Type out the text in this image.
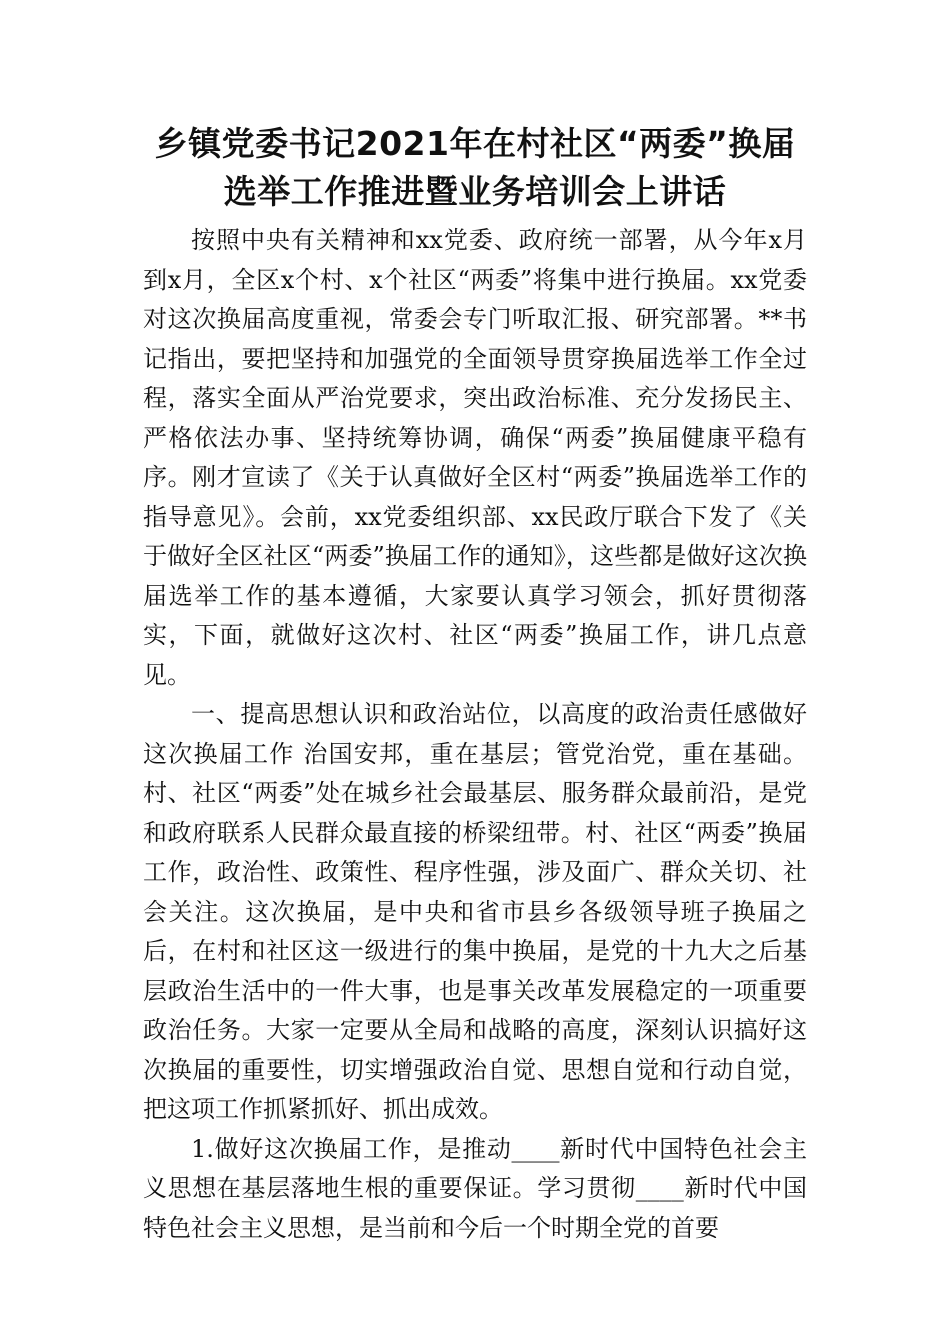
乡镇党委书记2021年在村社区“两委”换届
选举工作推进暨业务培训会上讲话

按照中央有关精神和xx党委、政府统一部署，从今年x月到x月，全区x个村、x个社区“两委”将集中进行换届。xx党委对这次换届高度重视，常委会专门听取汇报、研究部署。**书记指出，要把坚持和加强党的全面领导贯穿换届选举工作全过程，落实全面从严治党要求，突出政治标准、充分发扬民主、严格依法办事、坚持统筹协调，确保“两委”换届健康平稳有序。刚才宣读了《关于认真做好全区村“两委”换届选举工作的指导意见》。会前，xx党委组织部、xx民政厅联合下发了《关于做好全区社区“两委”换届工作的通知》，这些都是做好这次换届选举工作的基本遵循，大家要认真学习领会，抓好贯彻落实，下面，就做好这次村、社区“两委”换届工作，讲几点意见。

一、提高思想认识和政治站位，以高度的政治责任感做好这次换届工作 治国安邦，重在基层；管党治党，重在基础。村、社区“两委”处在城乡社会最基层、服务群众最前沿，是党和政府联系人民群众最直接的桥梁纽带。村、社区“两委”换届工作，政治性、政策性、程序性强，涉及面广、群众关切、社会关注。这次换届，是中央和省市县乡各级领导班子换届之后，在村和社区这一级进行的集中换届，是党的十九大之后基层政治生活中的一件大事，也是事关改革发展稳定的一项重要政治任务。大家一定要从全局和战略的高度，深刻认识搞好这次换届的重要性，切实增强政治自觉、思想自觉和行动自觉，把这项工作抓紧抓好、抓出成效。

1.做好这次换届工作，是推动____新时代中国特色社会主义思想在基层落地生根的重要保证。学习贯彻____新时代中国特色社会主义思想，是当前和今后一个时期全党的首要
